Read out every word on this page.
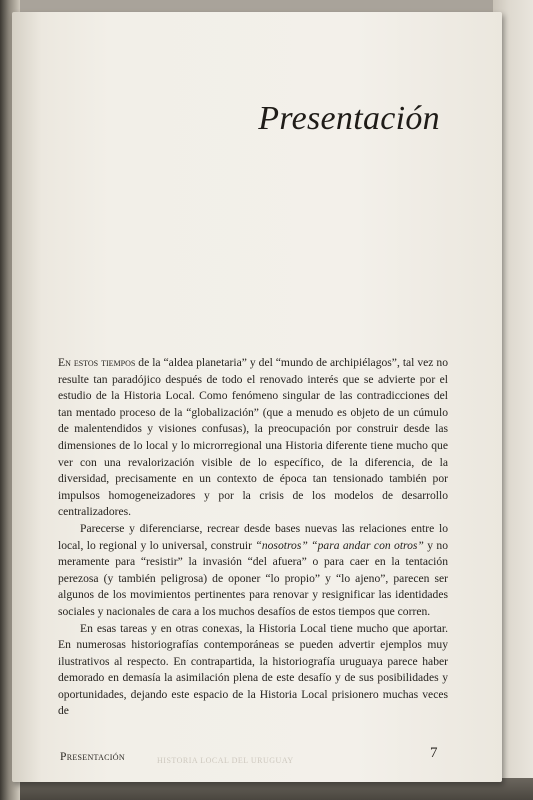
Presentación

En estos tiempos de la “aldea planetaria” y del “mundo de archipiélagos”, tal vez no resulte tan paradójico después de todo el renovado interés que se advierte por el estudio de la Historia Local. Como fenómeno singular de las contradicciones del tan mentado proceso de la “globalización” (que a menudo es objeto de un cúmulo de malentendidos y visiones confusas), la preocupación por construir desde las dimensiones de lo local y lo microrregional una Historia diferente tiene mucho que ver con una revalorización visible de lo específico, de la diferencia, de la diversidad, precisamente en un contexto de época tan tensionado también por impulsos homogeneizadores y por la crisis de los modelos de desarrollo centralizadores.

Parecerse y diferenciarse, recrear desde bases nuevas las relaciones entre lo local, lo regional y lo universal, construir “nosotros” “para andar con otros” y no meramente para “resistir” la invasión “del afuera” o para caer en la tentación perezosa (y también peligrosa) de oponer “lo propio” y “lo ajeno”, parecen ser algunos de los movimientos pertinentes para renovar y resignificar las identidades sociales y nacionales de cara a los muchos desafíos de estos tiempos que corren.

En esas tareas y en otras conexas, la Historia Local tiene mucho que aportar. En numerosas historiografías contemporáneas se pueden advertir ejemplos muy ilustrativos al respecto. En contrapartida, la historiografía uruguaya parece haber demorado en demasía la asimilación plena de este desafío y de sus posibilidades y oportunidades, dejando este espacio de la Historia Local prisionero muchas veces de

HISTORIA LOCAL DEL URUGUAY
Presentación	7
